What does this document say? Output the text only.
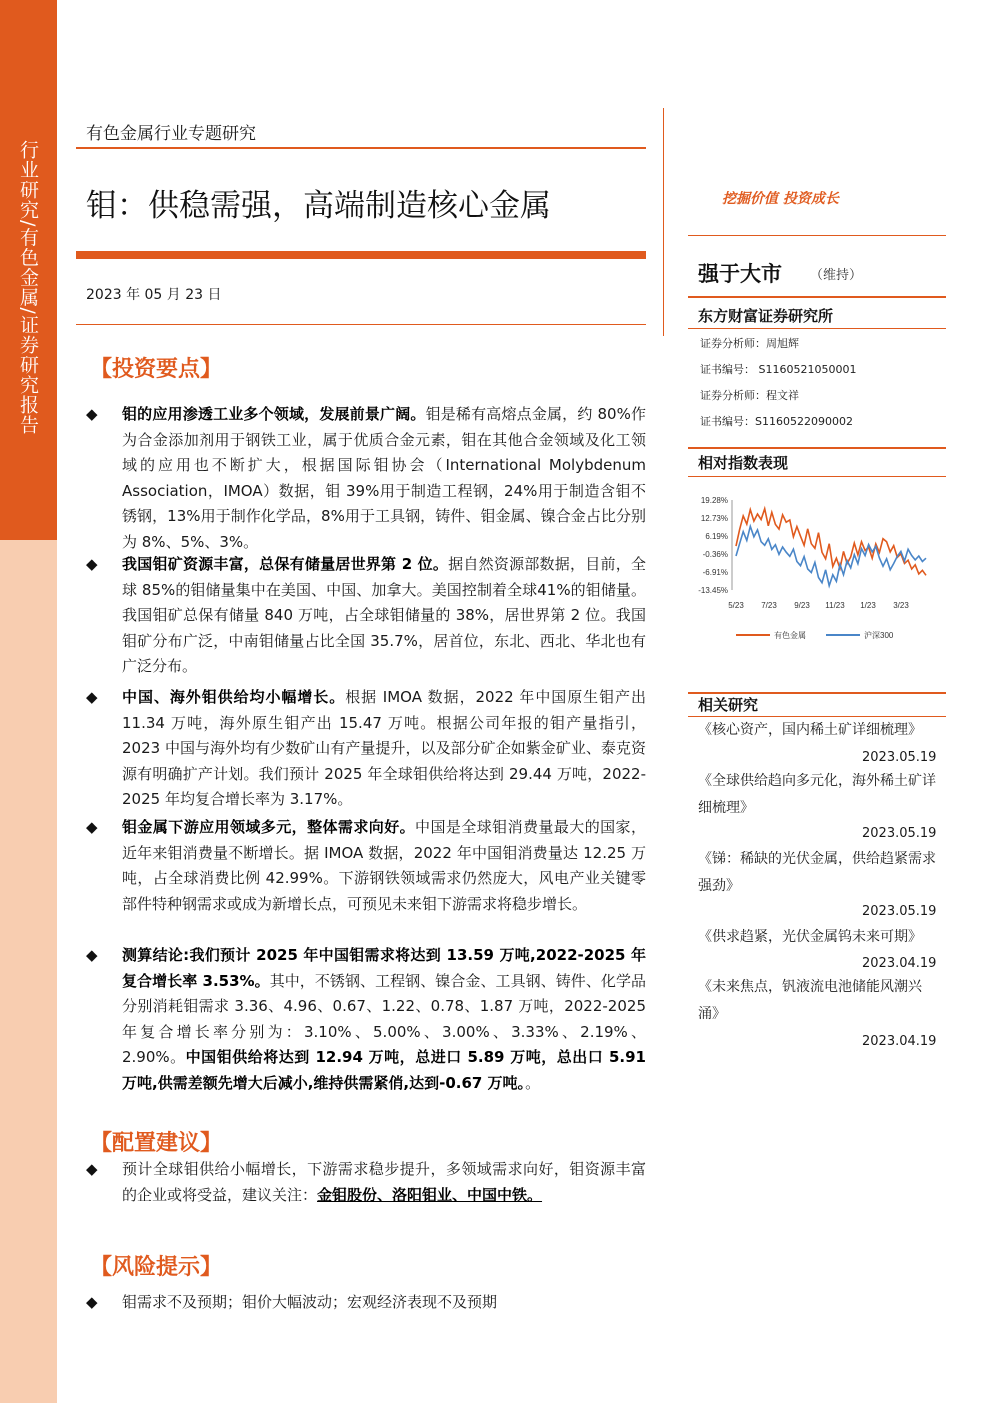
行业研究/有色金属/证券研究报告
有色金属行业专题研究
钼：供稳需强，高端制造核心金属
2023 年 05 月 23 日
【投资要点】
◆ 钼的应用渗透工业多个领域，发展前景广阔。钼是稀有高熔点金属，约 80%作为合金添加剂用于钢铁工业，属于优质合金元素，钼在其他合金领域及化工领域的应用也不断扩大，根据国际钼协会（International Molybdenum Association，IMOA）数据，钼 39%用于制造工程钢，24%用于制造含钼不锈钢，13%用于制作化学品，8%用于工具钢，铸件、钼金属、镍合金占比分别为 8%、5%、3%。
◆ 我国钼矿资源丰富，总保有储量居世界第 2 位。据自然资源部数据，目前，全球 85%的钼储量集中在美国、中国、加拿大。美国控制着全球41%的钼储量。我国钼矿总保有储量 840 万吨，占全球钼储量的 38%，居世界第 2 位。我国钼矿分布广泛，中南钼储量占比全国 35.7%，居首位，东北、西北、华北也有广泛分布。
◆ 中国、海外钼供给均小幅增长。根据 IMOA 数据，2022 年中国原生钼产出 11.34 万吨，海外原生钼产出 15.47 万吨。根据公司年报的钼产量指引，2023 中国与海外均有少数矿山有产量提升，以及部分矿企如紫金矿业、泰克资源有明确扩产计划。我们预计 2025 年全球钼供给将达到 29.44 万吨，2022-2025 年均复合增长率为 3.17%。
◆ 钼金属下游应用领域多元，整体需求向好。中国是全球钼消费量最大的国家，近年来钼消费量不断增长。据 IMOA 数据，2022 年中国钼消费量达 12.25 万吨，占全球消费比例 42.99%。下游钢铁领域需求仍然庞大，风电产业关键零部件特种钢需求或成为新增长点，可预见未来钼下游需求将稳步增长。
◆ 测算结论:我们预计 2025 年中国钼需求将达到 13.59 万吨,2022-2025 年复合增长率 3.53%。其中，不锈钢、工程钢、镍合金、工具钢、铸件、化学品分别消耗钼需求 3.36、4.96、0.67、1.22、0.78、1.87 万吨，2022-2025 年复合增长率分别为：3.10%、5.00%、3.00%、3.33%、2.19%、2.90%。中国钼供给将达到 12.94 万吨，总进口 5.89 万吨，总出口 5.91 万吨,供需差额先增大后减小,维持供需紧俏,达到-0.67 万吨。。
【配置建议】
◆ 预计全球钼供给小幅增长，下游需求稳步提升，多领域需求向好，钼资源丰富的企业或将受益，建议关注：金钼股份、洛阳钼业、中国中铁。
【风险提示】
◆ 钼需求不及预期；钼价大幅波动；宏观经济表现不及预期
挖掘价值 投资成长
强于大市 （维持）
东方财富证券研究所
证券分析师：周旭辉
证书编号： S1160521050001
证券分析师：程文祥
证书编号：S1160522090002
相对指数表现
19.28%
12.73%
6.19%
-0.36%
-6.91%
-13.45%
5/23 7/23 9/23 11/23 1/23 3/23
有色金属	沪深300
相关研究
《核心资产，国内稀土矿详细梳理》
2023.05.19
《全球供给趋向多元化，海外稀土矿详细梳理》
2023.05.19
《锑：稀缺的光伏金属，供给趋紧需求强劲》
2023.05.19
《供求趋紧，光伏金属钨未来可期》
2023.04.19
《未来焦点，钒液流电池储能风潮兴涌》
2023.04.19
